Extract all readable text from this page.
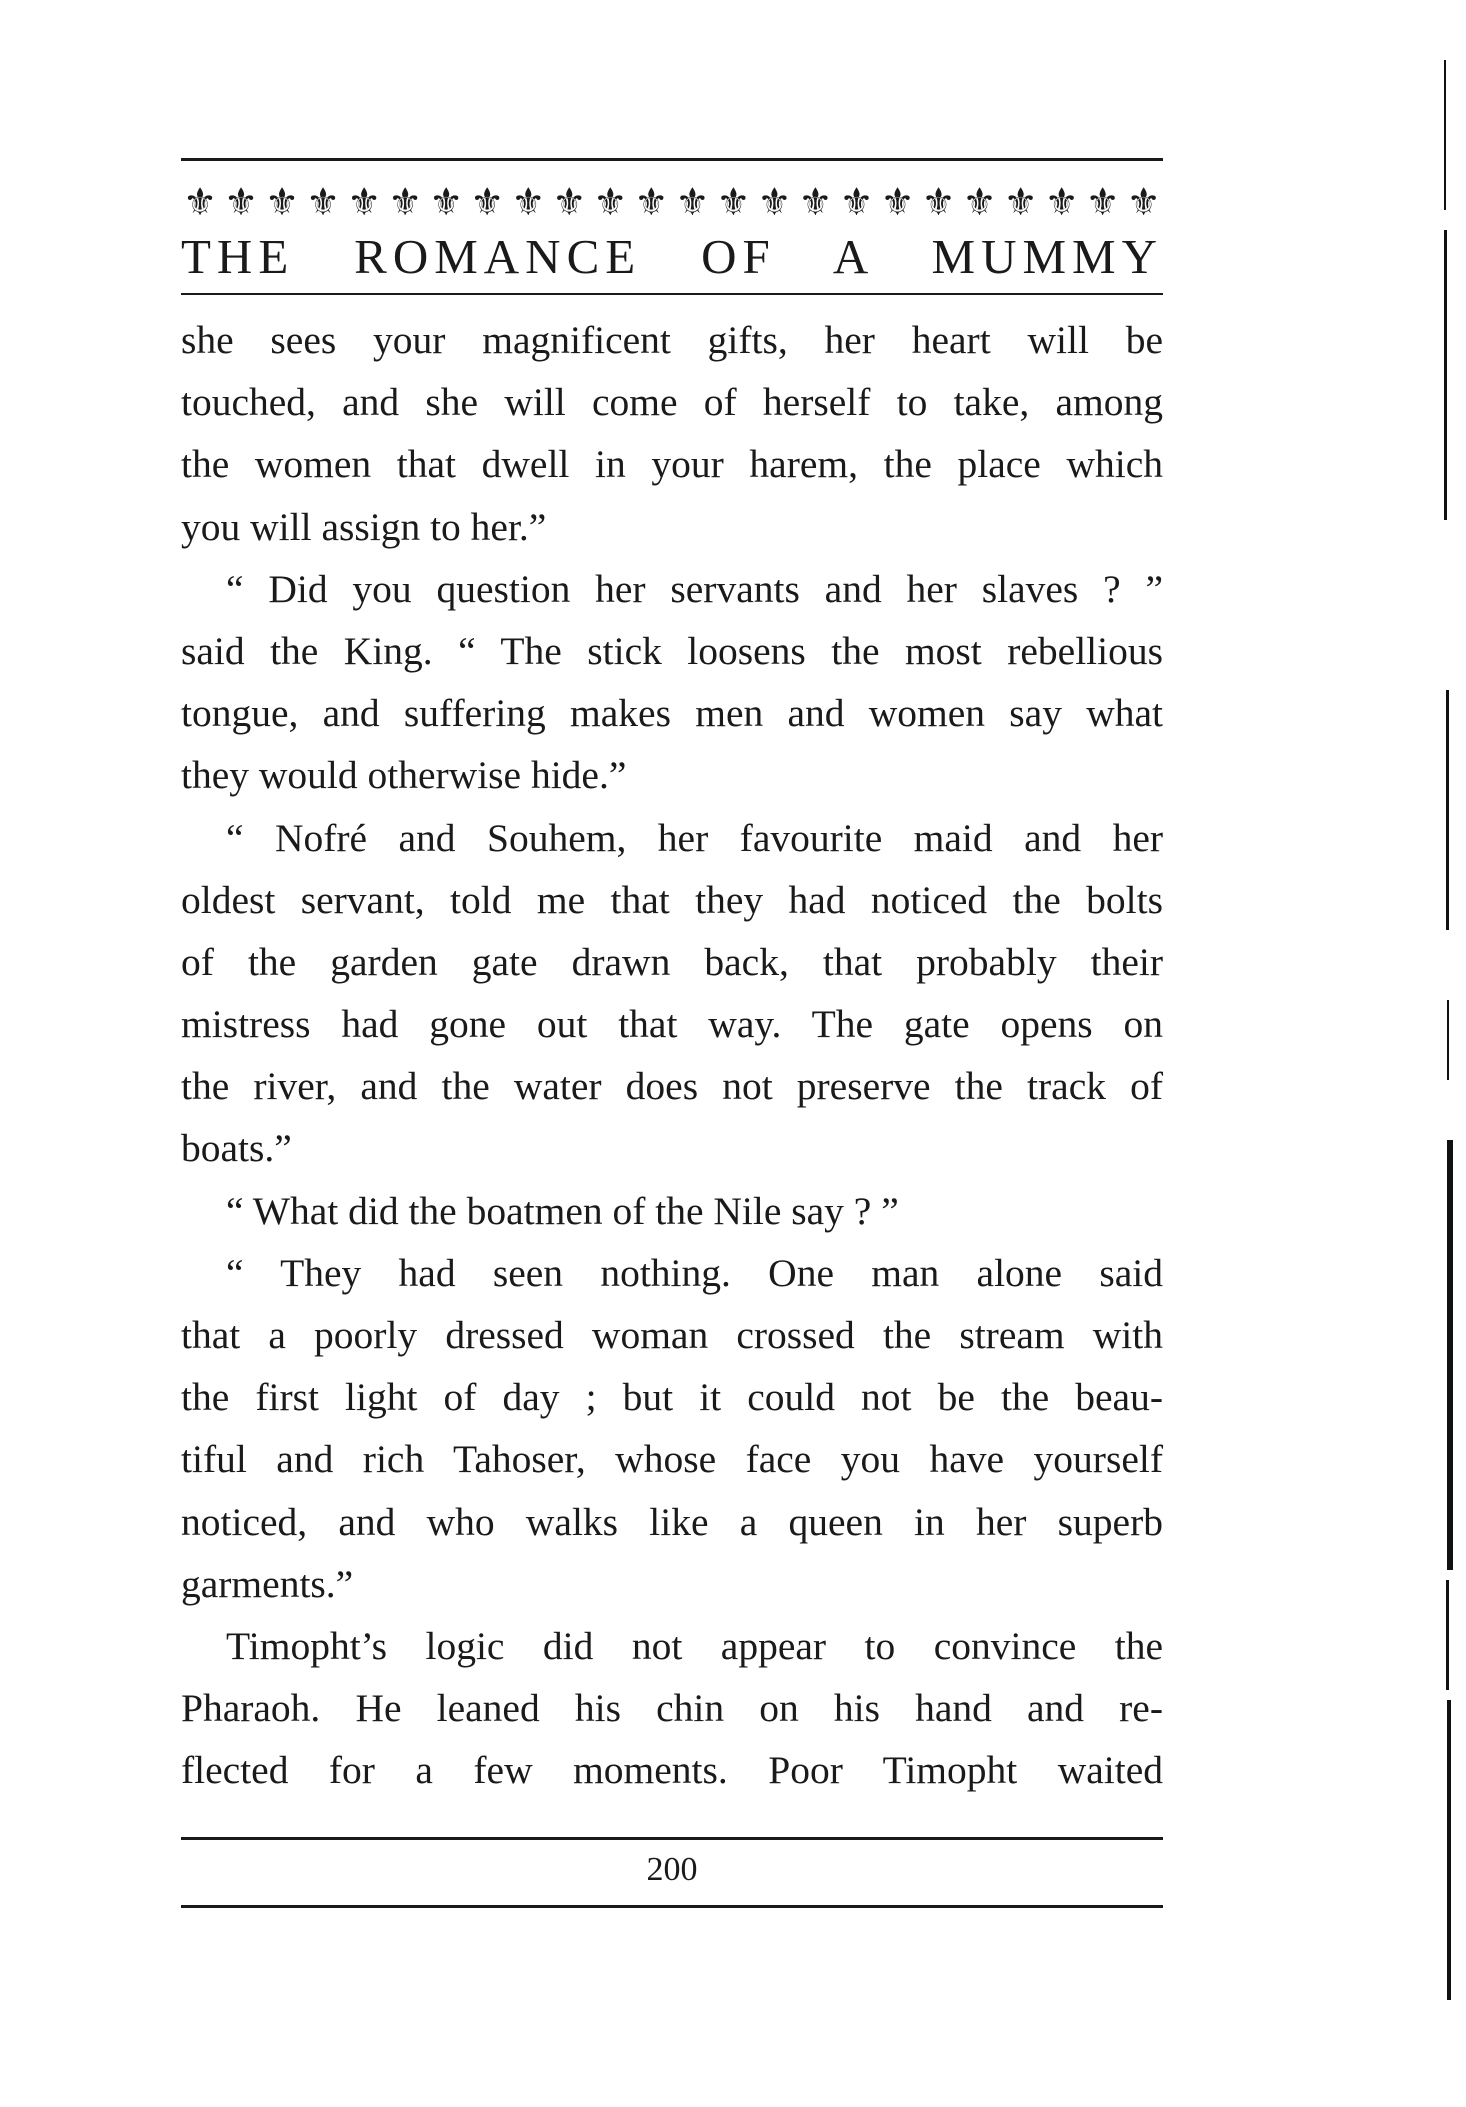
⚜ ⚜ ⚜ ⚜ ⚜ ⚜ ⚜ ⚜ ⚜ ⚜ ⚜ ⚜ ⚜ ⚜ ⚜ ⚜ ⚜ ⚜ ⚜ ⚜ ⚜ ⚜ ⚜ ⚜
THE ROMANCE OF A MUMMY
she sees your magnificent gifts, her heart will be
touched, and she will come of herself to take, among
the women that dwell in your harem, the place which
you will assign to her.”
“ Did you question her servants and her slaves ? ”
said the King. “ The stick loosens the most rebellious
tongue, and suffering makes men and women say what
they would otherwise hide.”
“ Nofré and Souhem, her favourite maid and her
oldest servant, told me that they had noticed the bolts
of the garden gate drawn back, that probably their
mistress had gone out that way. The gate opens on
the river, and the water does not preserve the track of
boats.”
“ What did the boatmen of the Nile say ? ”
“ They had seen nothing. One man alone said
that a poorly dressed woman crossed the stream with
the first light of day ; but it could not be the beau-
tiful and rich Tahoser, whose face you have yourself
noticed, and who walks like a queen in her superb
garments.”
Timopht’s logic did not appear to convince the
Pharaoh. He leaned his chin on his hand and re-
flected for a few moments. Poor Timopht waited
200
